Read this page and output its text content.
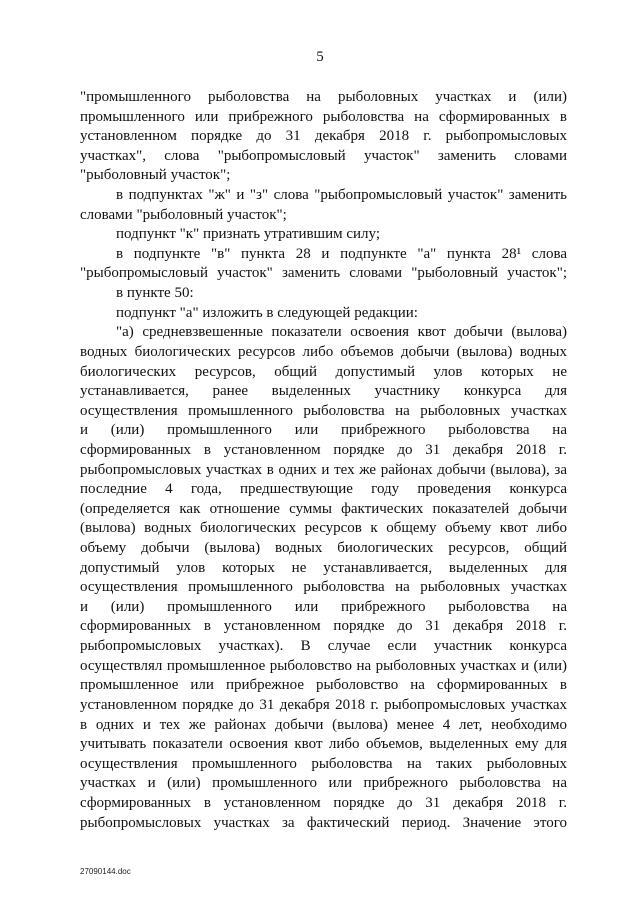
5
"промышленного рыболовства на рыболовных участках и (или)
промышленного или прибрежного рыболовства на сформированных в
установленном порядке до 31 декабря 2018 г. рыбопромысловых
участках", слова "рыбопромысловый участок" заменить словами
"рыболовный участок";
в подпунктах "ж" и "з" слова "рыбопромысловый участок" заменить
словами "рыболовный участок";
подпункт "к" признать утратившим силу;
в подпункте "в" пункта 28 и подпункте "а" пункта 28¹ слова
"рыбопромысловый участок" заменить словами "рыболовный участок";
в пункте 50:
подпункт "а" изложить в следующей редакции:
"а) средневзвешенные показатели освоения квот добычи (вылова)
водных биологических ресурсов либо объемов добычи (вылова) водных
биологических ресурсов, общий допустимый улов которых не
устанавливается, ранее выделенных участнику конкурса для
осуществления промышленного рыболовства на рыболовных участках
и (или) промышленного или прибрежного рыболовства на
сформированных в установленном порядке до 31 декабря 2018 г.
рыбопромысловых участках в одних и тех же районах добычи (вылова), за
последние 4 года, предшествующие году проведения конкурса
(определяется как отношение суммы фактических показателей добычи
(вылова) водных биологических ресурсов к общему объему квот либо
объему добычи (вылова) водных биологических ресурсов, общий
допустимый улов которых не устанавливается, выделенных для
осуществления промышленного рыболовства на рыболовных участках
и (или) промышленного или прибрежного рыболовства на
сформированных в установленном порядке до 31 декабря 2018 г.
рыбопромысловых участках). В случае если участник конкурса
осуществлял промышленное рыболовство на рыболовных участках и (или)
промышленное или прибрежное рыболовство на сформированных в
установленном порядке до 31 декабря 2018 г. рыбопромысловых участках
в одних и тех же районах добычи (вылова) менее 4 лет, необходимо
учитывать показатели освоения квот либо объемов, выделенных ему для
осуществления промышленного рыболовства на таких рыболовных
участках и (или) промышленного или прибрежного рыболовства на
сформированных в установленном порядке до 31 декабря 2018 г.
рыбопромысловых участках за фактический период. Значение этого
27090144.doc
